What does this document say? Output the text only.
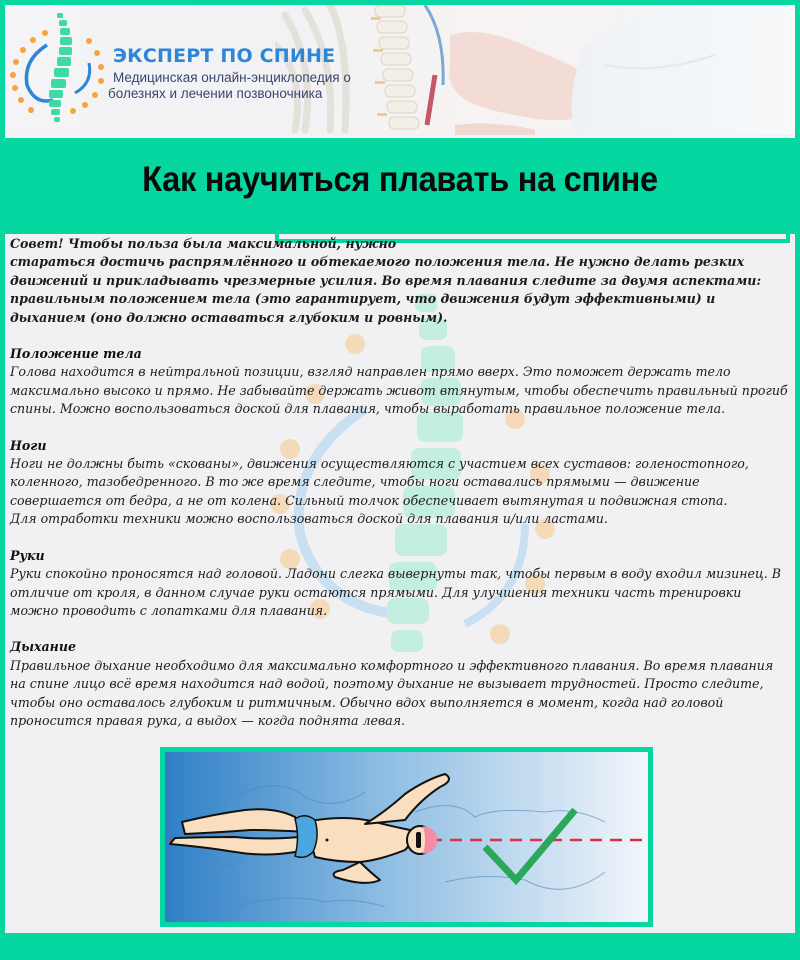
ЭКСПЕРТ ПО СПИНЕ
Медицинская онлайн-энциклопедия о
болезнях и лечении позвоночника
Как научиться плавать на спине
Совет! Чтобы польза была максимальной, нужно
стараться достичь распрямлённого и обтекаемого положения тела. Не нужно делать резких движений и прикладывать чрезмерные усилия. Во время плавания следите за двумя аспектами: правильным положением тела (это гарантирует, что движения будут эффективными) и дыханием (оно должно оставаться глубоким и ровным).
Положение тела

Голова находится в нейтральной позиции, взгляд направлен прямо вверх. Это поможет держать тело максимально высоко и прямо. Не забывайте держать живот втянутым, чтобы обеспечить правильный прогиб спины. Можно воспользоваться доской для плавания, чтобы выработать правильное положение тела.

Ноги

Ноги не должны быть «скованы», движения осуществляются с участием всех суставов: голеностопного, коленного, тазобедренного. В то же время следите, чтобы ноги оставались прямыми — движение совершается от бедра, а не от колена. Сильный толчок обеспечивает вытянутая и подвижная стопа.

Для отработки техники можно воспользоваться доской для плавания и/или ластами.

Руки

Руки спокойно проносятся над головой. Ладони слегка вывернуты так, чтобы первым в воду входил мизинец. В отличие от кроля, в данном случае руки остаются прямыми. Для улучшения техники часть тренировки можно проводить с лопатками для плавания.

Дыхание

Правильное дыхание необходимо для максимально комфортного и эффективного плавания. Во время плавания на спине лицо всё время находится над водой, поэтому дыхание не вызывает трудностей. Просто следите, чтобы оно оставалось глубоким и ритмичным. Обычно вдох выполняется в момент, когда над головой проносится правая рука, а выдох — когда поднята левая.
